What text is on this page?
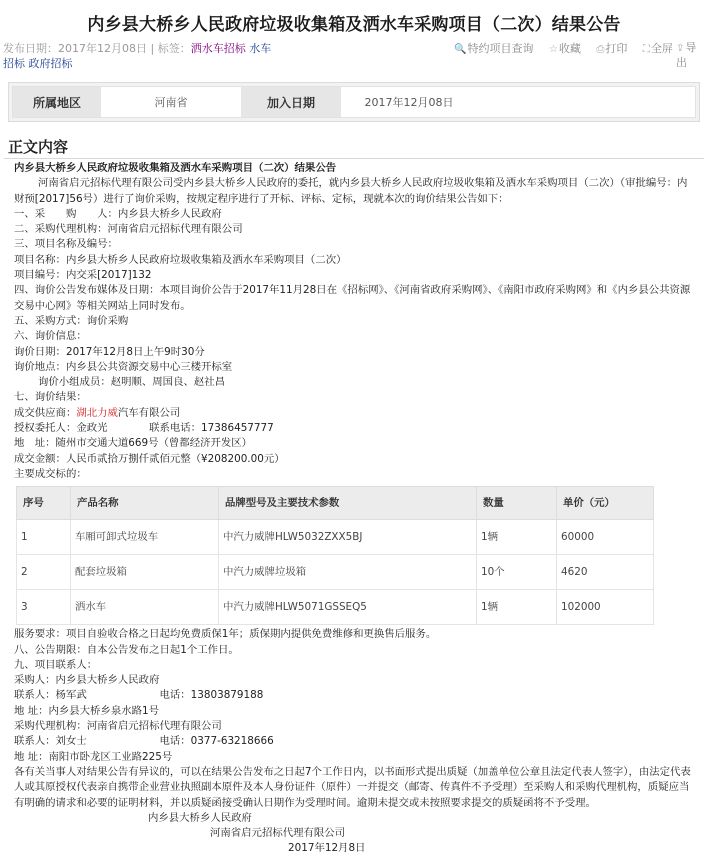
内乡县大桥乡人民政府垃圾收集箱及洒水车采购项目（二次）结果公告
发布日期：2017年12月08日 | 标签：洒水车招标 水车招标 政府招标
🔍特约项目查询 ☆收藏 ⎙打印 ⛶全屏 ⇪导出
所属地区	河南省	加入日期	2017年12月08日
正文内容

内乡县大桥乡人民政府垃圾收集箱及洒水车采购项目（二次）结果公告

河南省启元招标代理有限公司受内乡县大桥乡人民政府的委托，就内乡县大桥乡人民政府垃圾收集箱及洒水车采购项目（二次）（审批编号：内财预[2017]56号）进行了询价采购，按规定程序进行了开标、评标、定标，现就本次的询价结果公告如下：

一、采　　购　　人：内乡县大桥乡人民政府

二、采购代理机构：河南省启元招标代理有限公司

三、项目名称及编号：

项目名称：内乡县大桥乡人民政府垃圾收集箱及洒水车采购项目（二次）

项目编号：内交采[2017]132

四、询价公告发布媒体及日期：本项目询价公告于2017年11月28日在《招标网》、《河南省政府采购网》、《南阳市政府采购网》和《内乡县公共资源交易中心网》等相关网站上同时发布。

五、采购方式：询价采购

六、询价信息：

询价日期：2017年12月8日上午9时30分

询价地点：内乡县公共资源交易中心三楼开标室

询价小组成员：赵明顺、周国良、赵社昌

七、询价结果：

成交供应商：湖北力威汽车有限公司

授权委托人：金政光　　　　联系电话：17386457777

地　址：随州市交通大道669号（曾都经济开发区）

成交金额：人民币贰拾万捌仟贰佰元整（¥208200.00元）

主要成交标的：

序号	产品名称	品牌型号及主要技术参数	数量	单价（元）
1	车厢可卸式垃圾车	中汽力威牌HLW5032ZXX5BJ	1辆	60000
2	配套垃圾箱	中汽力威牌垃圾箱	10个	4620
3	洒水车	中汽力威牌HLW5071GSSEQ5	1辆	102000

服务要求：项目自验收合格之日起均免费质保1年；质保期内提供免费维修和更换售后服务。

八、公告期限：自本公告发布之日起1个工作日。

九、项目联系人：

采购人：内乡县大桥乡人民政府

联系人：杨军武　　　　　　　电话：13803879188

地 址：内乡县大桥乡泉水路1号

采购代理机构：河南省启元招标代理有限公司

联系人：刘女士　　　　　　　电话：0377-63218666

地 址：南阳市卧龙区工业路225号

各有关当事人对结果公告有异议的，可以在结果公告发布之日起7个工作日内，以书面形式提出质疑（加盖单位公章且法定代表人签字），由法定代表人或其原授权代表亲自携带企业营业执照副本原件及本人身份证件（原件）一并提交（邮寄、传真件不予受理）至采购人和采购代理机构，质疑应当有明确的请求和必要的证明材料，并以质疑函接受确认日期作为受理时间。逾期未提交或未按照要求提交的质疑函将不予受理。

内乡县大桥乡人民政府

河南省启元招标代理有限公司

2017年12月8日
